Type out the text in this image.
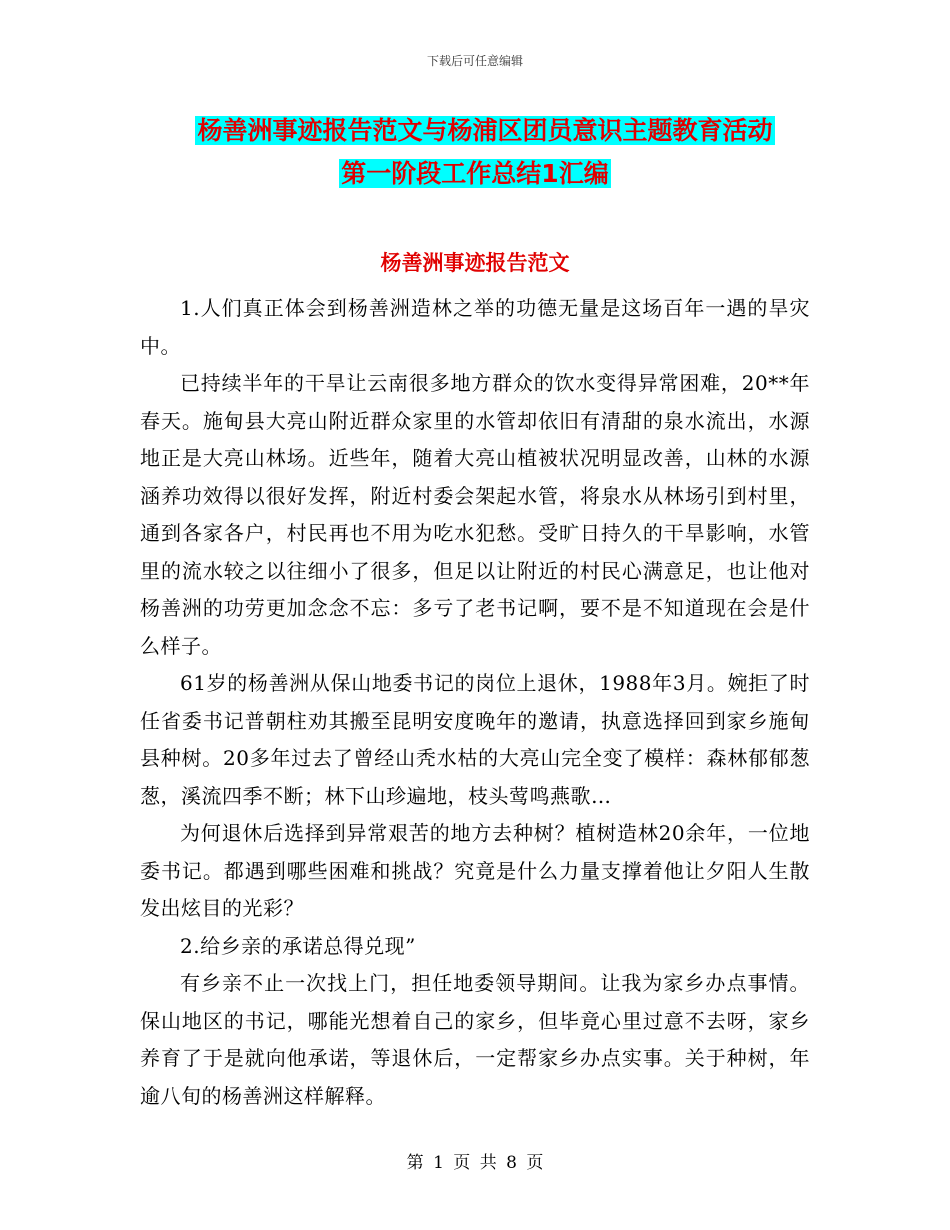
下载后可任意编辑
杨善洲事迹报告范文与杨浦区团员意识主题教育活动
第一阶段工作总结1汇编
杨善洲事迹报告范文

1.人们真正体会到杨善洲造林之举的功德无量是这场百年一遇的旱灾中。

已持续半年的干旱让云南很多地方群众的饮水变得异常困难，20**年春天。施甸县大亮山附近群众家里的水管却依旧有清甜的泉水流出，水源地正是大亮山林场。近些年，随着大亮山植被状况明显改善，山林的水源涵养功效得以很好发挥，附近村委会架起水管，将泉水从林场引到村里，通到各家各户，村民再也不用为吃水犯愁。受旷日持久的干旱影响，水管里的流水较之以往细小了很多，但足以让附近的村民心满意足，也让他对杨善洲的功劳更加念念不忘：多亏了老书记啊，要不是不知道现在会是什么样子。

61岁的杨善洲从保山地委书记的岗位上退休，1988年3月。婉拒了时任省委书记普朝柱劝其搬至昆明安度晚年的邀请，执意选择回到家乡施甸县种树。20多年过去了曾经山秃水枯的大亮山完全变了模样：森林郁郁葱葱，溪流四季不断；林下山珍遍地，枝头莺鸣燕歌…

为何退休后选择到异常艰苦的地方去种树？植树造林20余年，一位地委书记。都遇到哪些困难和挑战？究竟是什么力量支撑着他让夕阳人生散发出炫目的光彩？

2.给乡亲的承诺总得兑现”

有乡亲不止一次找上门，担任地委领导期间。让我为家乡办点事情。保山地区的书记，哪能光想着自己的家乡，但毕竟心里过意不去呀，家乡养育了于是就向他承诺，等退休后，一定帮家乡办点实事。关于种树，年逾八旬的杨善洲这样解释。

第 1 页 共 8 页
